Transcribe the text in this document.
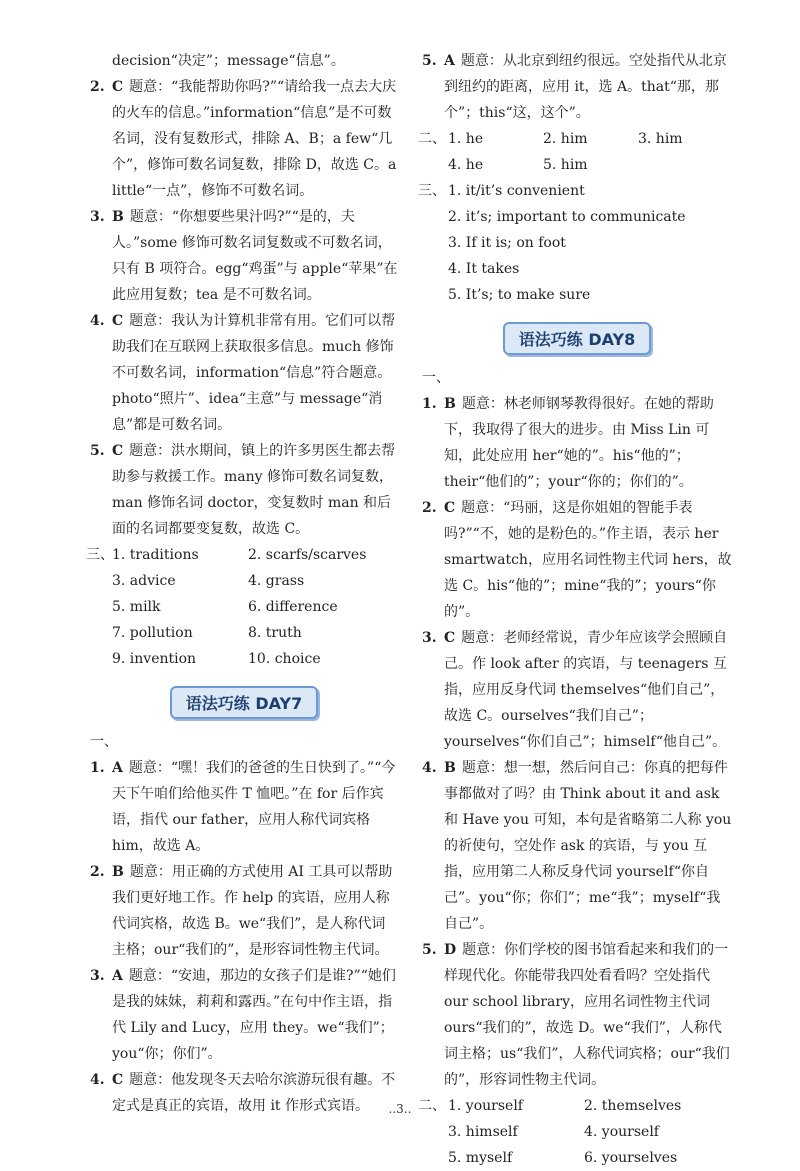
decision“决定”；message“信息”。

2. C 题意：“我能帮助你吗?”“请给我一点去大庆的火车的信息。”information“信息”是不可数名词，没有复数形式，排除 A、B；a few“几个”，修饰可数名词复数，排除 D，故选 C。a little“一点”，修饰不可数名词。

3. B 题意：“你想要些果汁吗?”“是的，夫人。”some 修饰可数名词复数或不可数名词，只有 B 项符合。egg“鸡蛋”与 apple“苹果”在此应用复数；tea 是不可数名词。

4. C 题意：我认为计算机非常有用。它们可以帮助我们在互联网上获取很多信息。much 修饰不可数名词，information“信息”符合题意。photo“照片”、idea“主意”与 message“消息”都是可数名词。

5. C 题意：洪水期间，镇上的许多男医生都去帮助参与救援工作。many 修饰可数名词复数，man 修饰名词 doctor，变复数时 man 和后面的名词都要变复数，故选 C。

三、
1. traditions	2. scarfs/scarves
3. advice	4. grass
5. milk	6. difference
7. pollution	8. truth
9. invention	10. choice
语法巧练 DAY7

一、

1. A 题意：“嘿！我们的爸爸的生日快到了。”“今天下午咱们给他买件 T 恤吧。”在 for 后作宾语，指代 our father，应用人称代词宾格 him，故选 A。

2. B 题意：用正确的方式使用 AI 工具可以帮助我们更好地工作。作 help 的宾语，应用人称代词宾格，故选 B。we“我们”，是人称代词主格；our“我们的”，是形容词性物主代词。

3. A 题意：“安迪，那边的女孩子们是谁?”“她们是我的妹妹，莉莉和露西。”在句中作主语，指代 Lily and Lucy，应用 they。we“我们”；you“你；你们”。

4. C 题意：他发现冬天去哈尔滨游玩很有趣。不定式是真正的宾语，故用 it 作形式宾语。

5. A 题意：从北京到纽约很远。空处指代从北京到纽约的距离，应用 it，选 A。that“那，那个”；this“这，这个”。

二、 1. he	2. him	3. him
4. he	5. him
三、 1. it/it’s convenient

2. it’s; important to communicate

3. If it is; on foot

4. It takes

5. It’s; to make sure

语法巧练 DAY8

一、

1. B 题意：林老师钢琴教得很好。在她的帮助下，我取得了很大的进步。由 Miss Lin 可知，此处应用 her“她的”。his“他的”；their“他们的”；your“你的；你们的”。

2. C 题意：“玛丽，这是你姐姐的智能手表吗?”“不，她的是粉色的。”作主语，表示 her smartwatch，应用名词性物主代词 hers，故选 C。his“他的”；mine“我的”；yours“你的”。

3. C 题意：老师经常说，青少年应该学会照顾自己。作 look after 的宾语，与 teenagers 互指，应用反身代词 themselves“他们自己”，故选 C。ourselves“我们自己”；yourselves“你们自己”；himself“他自己”。

4. B 题意：想一想，然后问自己：你真的把每件事都做对了吗？由 Think about it and ask 和 Have you 可知，本句是省略第二人称 you 的祈使句，空处作 ask 的宾语，与 you 互指，应用第二人称反身代词 yourself“你自己”。you“你；你们”；me“我”；myself“我自己”。

5. D 题意：你们学校的图书馆看起来和我们的一样现代化。你能带我四处看看吗？空处指代 our school library，应用名词性物主代词 ours“我们的”，故选 D。we“我们”，人称代词主格；us“我们”，人称代词宾格；our“我们的”，形容词性物主代词。

二、 1. yourself	2. themselves
3. himself	4. yourself
5. myself	6. yourselves
..3..
